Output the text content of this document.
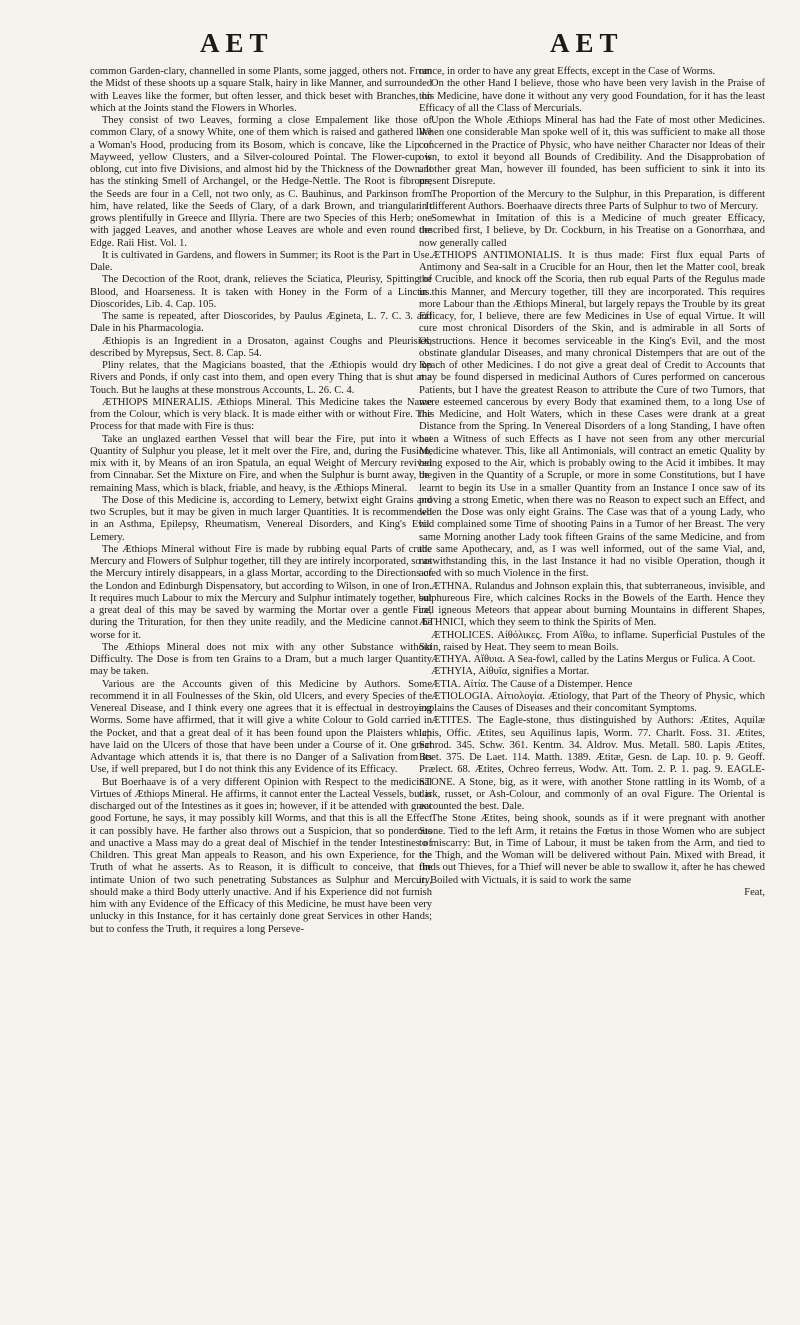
AET	AET

common Garden-clary, channelled in some Plants, some jagged, others not. From the Midst of these shoots up a square Stalk, hairy in like Manner, and surrounded with Leaves like the former, but often lesser, and thick beset with Branches, on which at the Joints stand the Flowers in Whorles.

They consist of two Leaves, forming a close Empalement like those of common Clary, of a snowy White, one of them which is raised and gathered like a Woman's Hood, producing from its Bosom, which is concave, like the Lip of Mayweed, yellow Clusters, and a Silver-coloured Pointal. The Flower-cup is oblong, cut into five Divisions, and almost hid by the Thickness of the Down. It has the stinking Smell of Archangel, or the Hedge-Nettle. The Root is fibrous; the Seeds are four in a Cell, not two only, as C. Bauhinus, and Parkinson from him, have related, like the Seeds of Clary, of a dark Brown, and triangular. It grows plentifully in Greece and Illyria. There are two Species of this Herb; one with jagged Leaves, and another whose Leaves are whole and even round the Edge. Raii Hist. Vol. 1.

It is cultivated in Gardens, and flowers in Summer; its Root is the Part in Use. Dale.

The Decoction of the Root, drank, relieves the Sciatica, Pleurisy, Spitting of Blood, and Hoarseness. It is taken with Honey in the Form of a Linctus. Dioscorides, Lib. 4. Cap. 105.

The same is repeated, after Dioscorides, by Paulus Ægineta, L. 7. C. 3. and Dale in his Pharmacologia.

Æthiopis is an Ingredient in a Drosaton, against Coughs and Pleurisies, described by Myrepsus, Sect. 8. Cap. 54.

Pliny relates, that the Magicians boasted, that the Æthiopis would dry up Rivers and Ponds, if only cast into them, and open every Thing that is shut at a Touch. But he laughs at these monstrous Accounts, L. 26. C. 4.

ÆTHIOPS MINERALIS. Æthiops Mineral. This Medicine takes the Name from the Colour, which is very black. It is made either with or without Fire. The Process for that made with Fire is thus:

Take an unglazed earthen Vessel that will bear the Fire, put into it what Quantity of Sulphur you please, let it melt over the Fire, and, during the Fusion, mix with it, by Means of an iron Spatula, an equal Weight of Mercury revived from Cinnabar. Set the Mixture on Fire, and when the Sulphur is burnt away, the remaining Mass, which is black, friable, and heavy, is the Æthiops Mineral.

The Dose of this Medicine is, according to Lemery, betwixt eight Grains and two Scruples, but it may be given in much larger Quantities. It is recommended in an Asthma, Epilepsy, Rheumatism, Venereal Disorders, and King's Evil. Lemery.

The Æthiops Mineral without Fire is made by rubbing equal Parts of crude Mercury and Flowers of Sulphur together, till they are intirely incorporated, so as the Mercury intirely disappears, in a glass Mortar, according to the Directions of the London and Edinburgh Dispensatory, but according to Wilson, in one of Iron. It requires much Labour to mix the Mercury and Sulphur intimately together, but a great deal of this may be saved by warming the Mortar over a gentle Fire, during the Trituration, for then they unite readily, and the Medicine cannot be worse for it.

The Æthiops Mineral does not mix with any other Substance without Difficulty. The Dose is from ten Grains to a Dram, but a much larger Quantity may be taken.

Various are the Accounts given of this Medicine by Authors. Some recommend it in all Foulnesses of the Skin, old Ulcers, and every Species of the Venereal Disease, and I think every one agrees that it is effectual in destroying Worms. Some have affirmed, that it will give a white Colour to Gold carried in the Pocket, and that a great deal of it has been found upon the Plaisters which have laid on the Ulcers of those that have been under a Course of it. One great Advantage which attends it is, that there is no Danger of a Salivation from its Use, if well prepared, but I do not think this any Evidence of its Efficacy.

But Boerhaave is of a very different Opinion with Respect to the medicinal Virtues of Æthiops Mineral. He affirms, it cannot enter the Lacteal Vessels, but is discharged out of the Intestines as it goes in; however, if it be attended with great good Fortune, he says, it may possibly kill Worms, and that this is all the Effect it can possibly have. He farther also throws out a Suspicion, that so ponderous and unactive a Mass may do a great deal of Mischief in the tender Intestines of Children. This great Man appeals to Reason, and his own Experience, for the Truth of what he asserts. As to Reason, it is difficult to conceive, that the intimate Union of two such penetrating Substances as Sulphur and Mercury, should make a third Body utterly unactive. And if his Experience did not furnish him with any Evidence of the Efficacy of this Medicine, he must have been very unlucky in this Instance, for it has certainly done great Services in other Hands; but to confess the Truth, it requires a long Perseve-

rance, in order to have any great Effects, except in the Case of Worms.

On the other Hand I believe, those who have been very lavish in the Praise of this Medicine, have done it without any very good Foundation, for it has the least Efficacy of all the Class of Mercurials.

Upon the Whole Æthiops Mineral has had the Fate of most other Medicines. When one considerable Man spoke well of it, this was sufficient to make all those concerned in the Practice of Physic, who have neither Character nor Ideas of their own, to extol it beyond all Bounds of Credibility. And the Disapprobation of another great Man, however ill founded, has been sufficient to sink it into its present Disrepute.

The Proportion of the Mercury to the Sulphur, in this Preparation, is different in different Authors. Boerhaave directs three Parts of Sulphur to two of Mercury.

Somewhat in Imitation of this is a Medicine of much greater Efficacy, described first, I believe, by Dr. Cockburn, in his Treatise on a Gonorrhæa, and now generally called

ÆTHIOPS ANTIMONIALIS. It is thus made: First flux equal Parts of Antimony and Sea-salt in a Crucible for an Hour, then let the Matter cool, break the Crucible, and knock off the Scoria, then rub equal Parts of the Regulus made in this Manner, and Mercury together, till they are incorporated. This requires more Labour than the Æthiops Mineral, but largely repays the Trouble by its great Efficacy, for, I believe, there are few Medicines in Use of equal Virtue. It will cure most chronical Disorders of the Skin, and is admirable in all Sorts of Obstructions. Hence it becomes serviceable in the King's Evil, and the most obstinate glandular Diseases, and many chronical Distempers that are out of the Reach of other Medicines. I do not give a great deal of Credit to Accounts that may be found dispersed in medicinal Authors of Cures performed on cancerous Patients, but I have the greatest Reason to attribute the Cure of two Tumors, that were esteemed cancerous by every Body that examined them, to a long Use of this Medicine, and Holt Waters, which in these Cases were drank at a great Distance from the Spring. In Venereal Disorders of a long Standing, I have often been a Witness of such Effects as I have not seen from any other mercurial Medicine whatever. This, like all Antimonials, will contract an emetic Quality by being exposed to the Air, which is probably owing to the Acid it imbibes. It may be given in the Quantity of a Scruple, or more in some Constitutions, but I have learnt to begin its Use in a smaller Quantity from an Instance I once saw of its proving a strong Emetic, when there was no Reason to expect such an Effect, and when the Dose was only eight Grains. The Case was that of a young Lady, who had complained some Time of shooting Pains in a Tumor of her Breast. The very same Morning another Lady took fifteen Grains of the same Medicine, and from the same Apothecary, and, as I was well informed, out of the same Vial, and, notwithstanding this, in the last Instance it had no visible Operation, though it acted with so much Violence in the first.

ÆTHNA. Rulandus and Johnson explain this, that subterraneous, invisible, and sulphureous Fire, which calcines Rocks in the Bowels of the Earth. Hence they call igneous Meteors that appear about burning Mountains in different Shapes, ÆTHNICI, which they seem to think the Spirits of Men.

ÆTHOLICES. Αἰθόλικες. From Αἴθω, to inflame. Superficial Pustules of the Skin, raised by Heat. They seem to mean Boils.

ÆTHYA. Αἴθυια. A Sea-fowl, called by the Latins Mergus or Fulica. A Coot.

ÆTHYIA, Αἰθυῖα, signifies a Mortar.

ÆTIA. Αἰτία. The Cause of a Distemper. Hence

ÆTIOLOGIA. Αἰτιολογία. Ætiology, that Part of the Theory of Physic, which explains the Causes of Diseases and their concomitant Symptoms.

ÆTITES. The Eagle-stone, thus distinguished by Authors: Ætites, Aquilæ lapis, Offic. Ætites, seu Aquilinus lapis, Worm. 77. Charlt. Foss. 31. Ætites, Schrod. 345. Schw. 361. Kentm. 34. Aldrov. Mus. Metall. 580. Lapis Ætites, Boet. 375. De Laet. 114. Matth. 1389. Ætitæ, Gesn. de Lap. 10. p. 9. Geoff. Prælect. 68. Ætites, Ochreo ferreus, Wodw. Att. Tom. 2. P. 1. pag. 9. EAGLE-STONE. A Stone, big, as it were, with another Stone rattling in its Womb, of a dark, russet, or Ash-Colour, and commonly of an oval Figure. The Oriental is accounted the best. Dale.

The Stone Ætites, being shook, sounds as if it were pregnant with another Stone. Tied to the left Arm, it retains the Fœtus in those Women who are subject to miscarry: But, in Time of Labour, it must be taken from the Arm, and tied to the Thigh, and the Woman will be delivered without Pain. Mixed with Bread, it finds out Thieves, for a Thief will never be able to swallow it, after he has chewed it. Boiled with Victuals, it is said to work the same

Feat,
